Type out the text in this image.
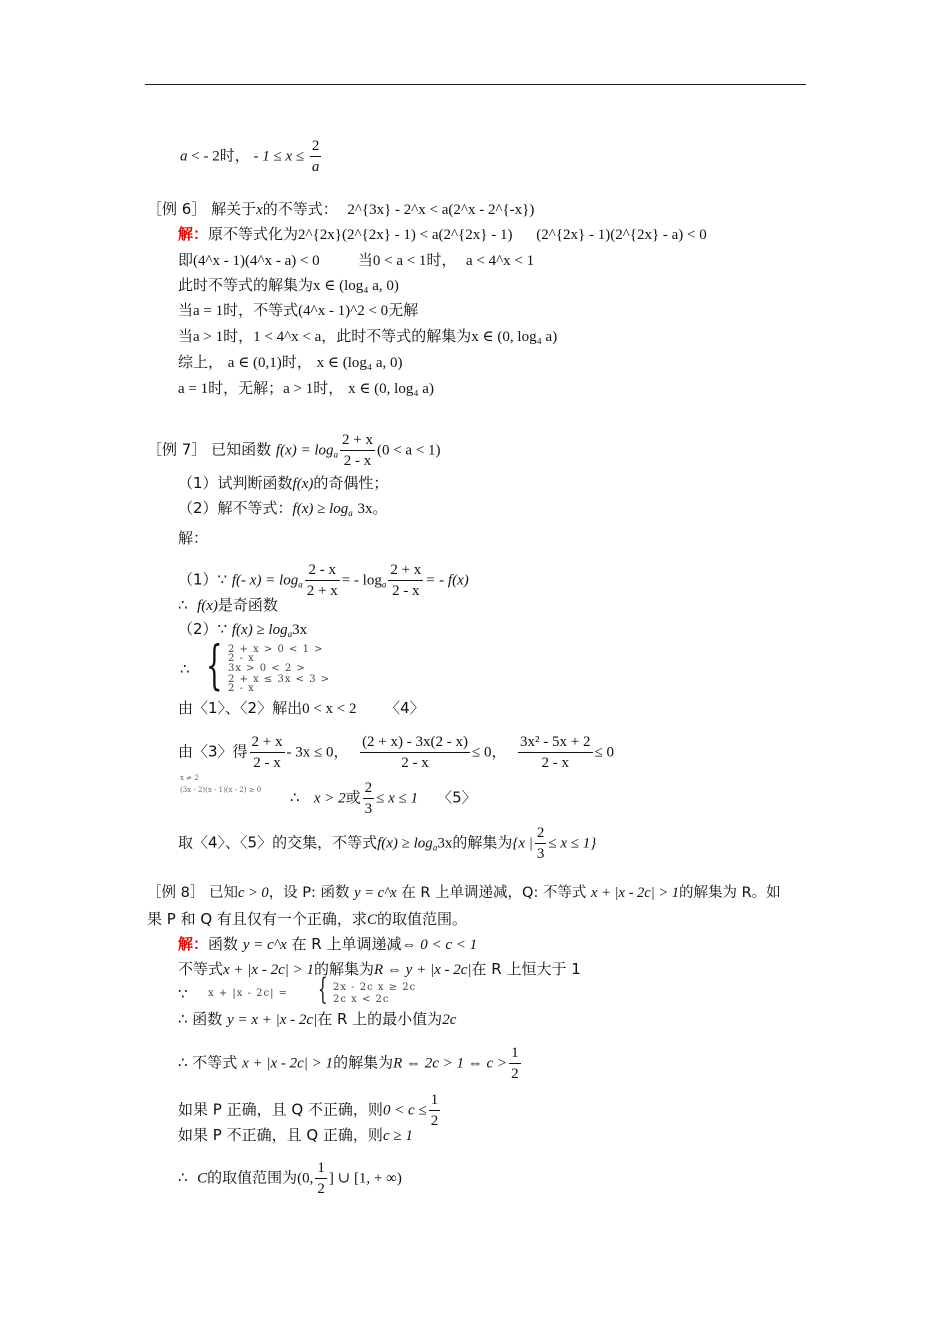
a < - 2时， - $1 \le x \le \frac{2}{a}$
［例 6］ 解关于x的不等式： 2^{3x} - 2^x < a(2^x - 2^{-x})
解：原不等式化为2^{2x}(2^{2x} - 1) < a(2^{2x} - 1) (2^{2x} - 1)(2^{2x} - a) < 0
即(4^x - 1)(4^x - a) < 0	当0 < a < 1时， a < 4^x < 1
此时不等式的解集为x ∈ (log₄ a, 0)
当a = 1时，不等式(4^x - 1)^2 < 0无解
当a > 1时，1 < 4^x < a，此时不等式的解集为x ∈ (0, log₄ a)
综上， a ∈ (0,1)时， x ∈ (log₄ a, 0)
a = 1时，无解；a > 1时， x ∈ (0, log₄ a)
［例 7］ 已知函数 $f(x) = \log_a \frac{2 + x}{2 - x} (0 < a < 1)$
（1）试判断函数f(x)的奇偶性；
（2）解不等式：$f(x) \ge \log_a 3x$。
解：
（1）∵ f(- $x) = \log_a \frac{2 - x}{2 + x}$ = - $\log_a \frac{2 + x}{2 - x}$ = - f(x)
∴ f(x)是奇函数
（2）∵ $f(x) \ge \log_a3x$
∴ { 2 + x > 0 < 1 >
2 - x
3x > 0 < 2 >
2 + x ≤ 3x < 3 >
2 - x
由〈1〉、〈2〉解出0 < x < 2 〈4〉
由〈3〉得 $\frac{2 + x}{2 - x} - 3x \le 0$， $\frac{(2 + x) - 3x(2 - x)}{2 - x} \le 0$， $\frac{\text{3x² - 5x + 2}}{2 - x} \le 0$
x ≠ 2
(3x - 2)(x - 1)(x - 2) ≥ 0 ∴ x > 2或 $\frac{2}{3} \le x \le 1$ 〈5〉
取〈4〉、〈5〉的交集，不等式$f(x) \ge \log_a3x$的解集为{x | $\frac{2}{3} \le x \le 1$}
［例 8］ 已知c > 0，设 P: 函数 y = c^x 在 R 上单调递减，Q: 不等式 x + |x - 2c| > 1的解集为 R。如
果 P 和 Q 有且仅有一个正确，求C的取值范围。
解：函数 y = c^x 在 R 上单调递减⇔ 0 < c < 1
不等式x + |x - 2c| > 1的解集为R ⇔ y + |x - 2c|在 R 上恒大于 1
∵ x + |x - 2c| = { 2x - 2c x ≥ 2c
2c x < 2c
∴ 函数 y = x + |x - 2c|在 R 上的最小值为2c
∴ 不等式 x + |x - 2c| > 1的解集为R ⇔ 2c > 1 ⇔ $c > \frac{1}{2}$
如果 P 正确，且 Q 不正确，则$0 < c \le \frac{1}{2}$
如果 P 不正确，且 Q 正确，则c ≥ 1
∴ C的取值范围为(0, $\frac{1}{2}$ ] ∪ [1, + ∞)
